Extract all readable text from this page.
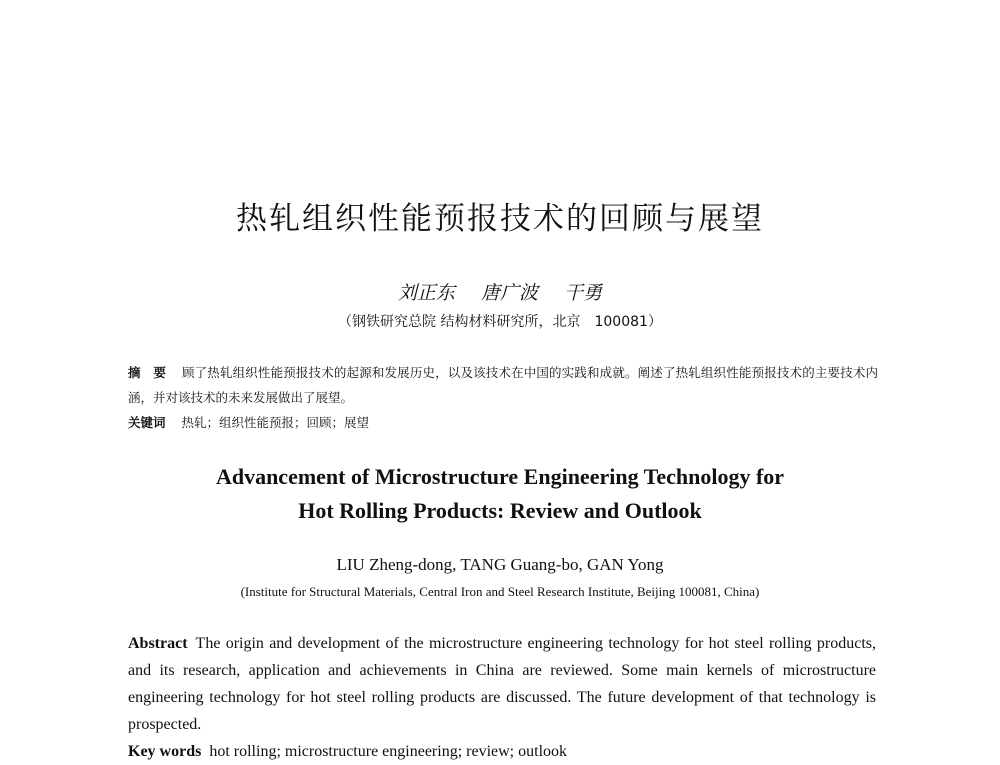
热轧组织性能预报技术的回顾与展望
刘正东 唐广波 干勇
（钢铁研究总院 结构材料研究所，北京　100081）
摘　要 顾了热轧组织性能预报技术的起源和发展历史，以及该技术在中国的实践和成就。阐述了热轧组织性能预报技术的主要技术内涵，并对该技术的未来发展做出了展望。
关键词 热轧；组织性能预报；回顾；展望
Advancement of Microstructure Engineering Technology for
Hot Rolling Products: Review and Outlook
LIU Zheng-dong, TANG Guang-bo, GAN Yong
(Institute for Structural Materials, Central Iron and Steel Research Institute, Beijing 100081, China)
Abstract The origin and development of the microstructure engineering technology for hot steel rolling products, and its research, application and achievements in China are reviewed. Some main kernels of microstructure engineering technology for hot steel rolling products are discussed. The future development of that technology is prospected.
Key words hot rolling; microstructure engineering; review; outlook
